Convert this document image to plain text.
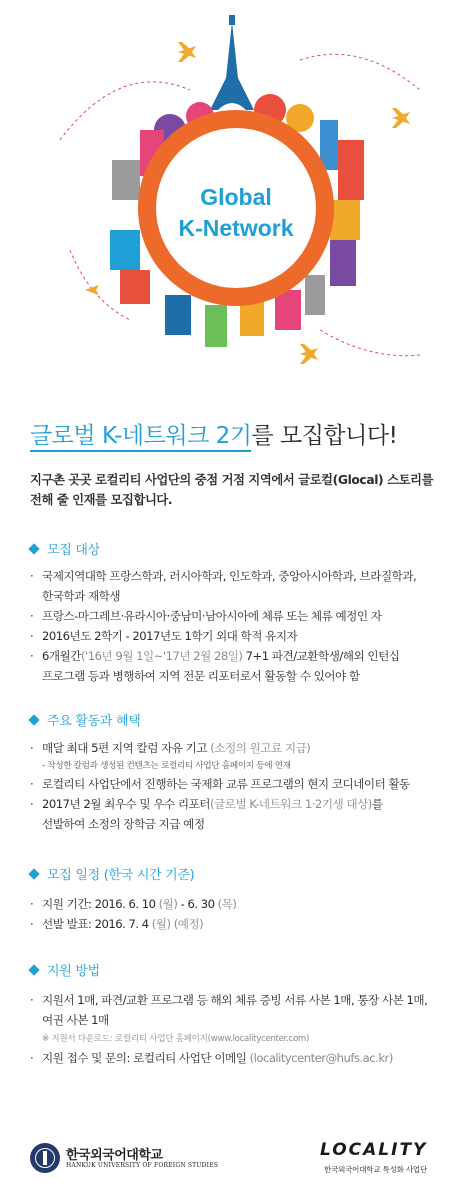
Global
K-Network
글로벌 K-네트워크 2기를 모집합니다!
지구촌 곳곳 로컬리티 사업단의 중점 거점 지역에서 글로컬(Glocal) 스토리를
전해 줄 인재를 모집합니다.
모집 대상
· 국제지역대학 프랑스학과, 러시아학과, 인도학과, 중앙아시아학과, 브라질학과,
한국학과 재학생
· 프랑스-마그레브·유라시아·중남미·남아시아에 체류 또는 체류 예정인 자
· 2016년도 2학기 - 2017년도 1학기 외대 학적 유지자
· 6개월간('16년 9월 1일~'17년 2월 28일) 7+1 파견/교환학생/해외 인턴십
프로그램 등과 병행하여 지역 전문 리포터로서 활동할 수 있어야 함
주요 활동과 혜택
· 매달 최대 5편 지역 칼럼 자유 기고 (소정의 원고료 지급)
- 작성한 칼럼과 생성된 컨텐츠는 로컬리티 사업단 홈페이지 등에 연재
· 로컬리티 사업단에서 진행하는 국제화 교류 프로그램의 현지 코디네이터 활동
· 2017년 2월 최우수 및 우수 리포터(글로벌 K-네트워크 1·2기생 대상)를
선발하여 소정의 장학금 지급 예정
모집 일정 (한국 시간 기준)
· 지원 기간: 2016. 6. 10 (월) - 6. 30 (목)
· 선발 발표: 2016. 7. 4 (월) (예정)
지원 방법
· 지원서 1매, 파견/교환 프로그램 등 해외 체류 증빙 서류 사본 1매, 통장 사본 1매,
여권 사본 1매
※ 지원서 다운로드: 로컬리티 사업단 홈페이지(www.localitycenter.com)
· 지원 접수 및 문의: 로컬리티 사업단 이메일 (localitycenter@hufs.ac.kr)
한국외국어대학교
HANKUK UNIVERSITY OF FOREIGN STUDIES
LOCALITY
한국외국어대학교 특성화 사업단
